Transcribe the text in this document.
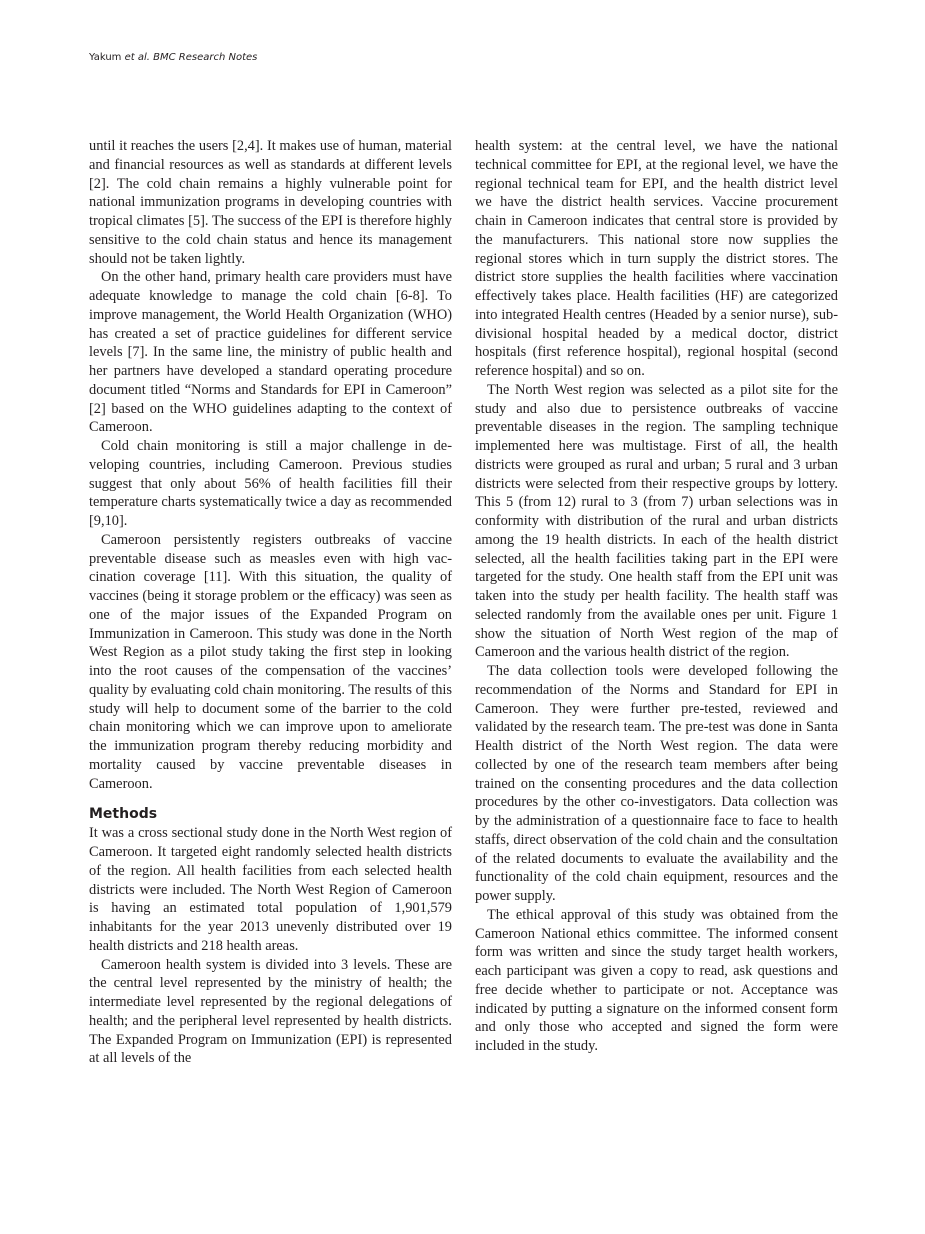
Yakum et al. BMC Research Notes

until it reaches the users [2,4]. It makes use of human, material and financial resources as well as standards at different levels [2]. The cold chain remains a highly vulnerable point for national immunization programs in developing countries with tropical climates [5]. The success of the EPI is therefore highly sensitive to the cold chain status and hence its management should not be taken lightly.

On the other hand, primary health care providers must have adequate knowledge to manage the cold chain [6-8]. To improve management, the World Health Organization (WHO) has created a set of practice guidelines for different service levels [7]. In the same line, the ministry of public health and her partners have developed a standard operating procedure document titled “Norms and Standards for EPI in Cameroon” [2] based on the WHO guidelines adapting to the context of Cameroon.

Cold chain monitoring is still a major challenge in developing countries, including Cameroon. Previous studies suggest that only about 56% of health facilities fill their temperature charts systematically twice a day as recommended [9,10].

Cameroon persistently registers outbreaks of vaccine preventable disease such as measles even with high vaccination coverage [11]. With this situation, the quality of vaccines (being it storage problem or the efficacy) was seen as one of the major issues of the Expanded Program on Immunization in Cameroon. This study was done in the North West Region as a pilot study taking the first step in looking into the root causes of the compensation of the vaccines’ quality by evaluating cold chain monitoring. The results of this study will help to document some of the barrier to the cold chain monitoring which we can improve upon to ameliorate the immunization program thereby reducing morbidity and mortality caused by vaccine preventable diseases in Cameroon.

Methods

It was a cross sectional study done in the North West region of Cameroon. It targeted eight randomly selected health districts of the region. All health facilities from each selected health districts were included. The North West Region of Cameroon is having an estimated total population of 1,901,579 inhabitants for the year 2013 unevenly distributed over 19 health districts and 218 health areas.

Cameroon health system is divided into 3 levels. These are the central level represented by the ministry of health; the intermediate level represented by the regional delegations of health; and the peripheral level represented by health districts. The Expanded Program on Immunization (EPI) is represented at all levels of the

health system: at the central level, we have the national technical committee for EPI, at the regional level, we have the regional technical team for EPI, and the health district level we have the district health services. Vaccine procurement chain in Cameroon indicates that central store is provided by the manufacturers. This national store now supplies the regional stores which in turn supply the district stores. The district store supplies the health facilities where vaccination effectively takes place. Health facilities (HF) are categorized into integrated Health centres (Headed by a senior nurse), sub-divisional hospital headed by a medical doctor, district hospitals (first reference hospital), regional hospital (second reference hospital) and so on.

The North West region was selected as a pilot site for the study and also due to persistence outbreaks of vaccine preventable diseases in the region. The sampling technique implemented here was multistage. First of all, the health districts were grouped as rural and urban; 5 rural and 3 urban districts were selected from their respective groups by lottery. This 5 (from 12) rural to 3 (from 7) urban selections was in conformity with distribution of the rural and urban districts among the 19 health districts. In each of the health district selected, all the health facilities taking part in the EPI were targeted for the study. One health staff from the EPI unit was taken into the study per health facility. The health staff was selected randomly from the available ones per unit. Figure 1 show the situation of North West region of the map of Cameroon and the various health district of the region.

The data collection tools were developed following the recommendation of the Norms and Standard for EPI in Cameroon. They were further pre-tested, reviewed and validated by the research team. The pre-test was done in Santa Health district of the North West region. The data were collected by one of the research team members after being trained on the consenting procedures and the data collection procedures by the other co-investigators. Data collection was by the administration of a questionnaire face to face to health staffs, direct observation of the cold chain and the consultation of the related documents to evaluate the availability and the functionality of the cold chain equipment, resources and the power supply.

The ethical approval of this study was obtained from the Cameroon National ethics committee. The informed consent form was written and since the study target health workers, each participant was given a copy to read, ask questions and free decide whether to participate or not. Acceptance was indicated by putting a signature on the informed consent form and only those who accepted and signed the form were included in the study.
